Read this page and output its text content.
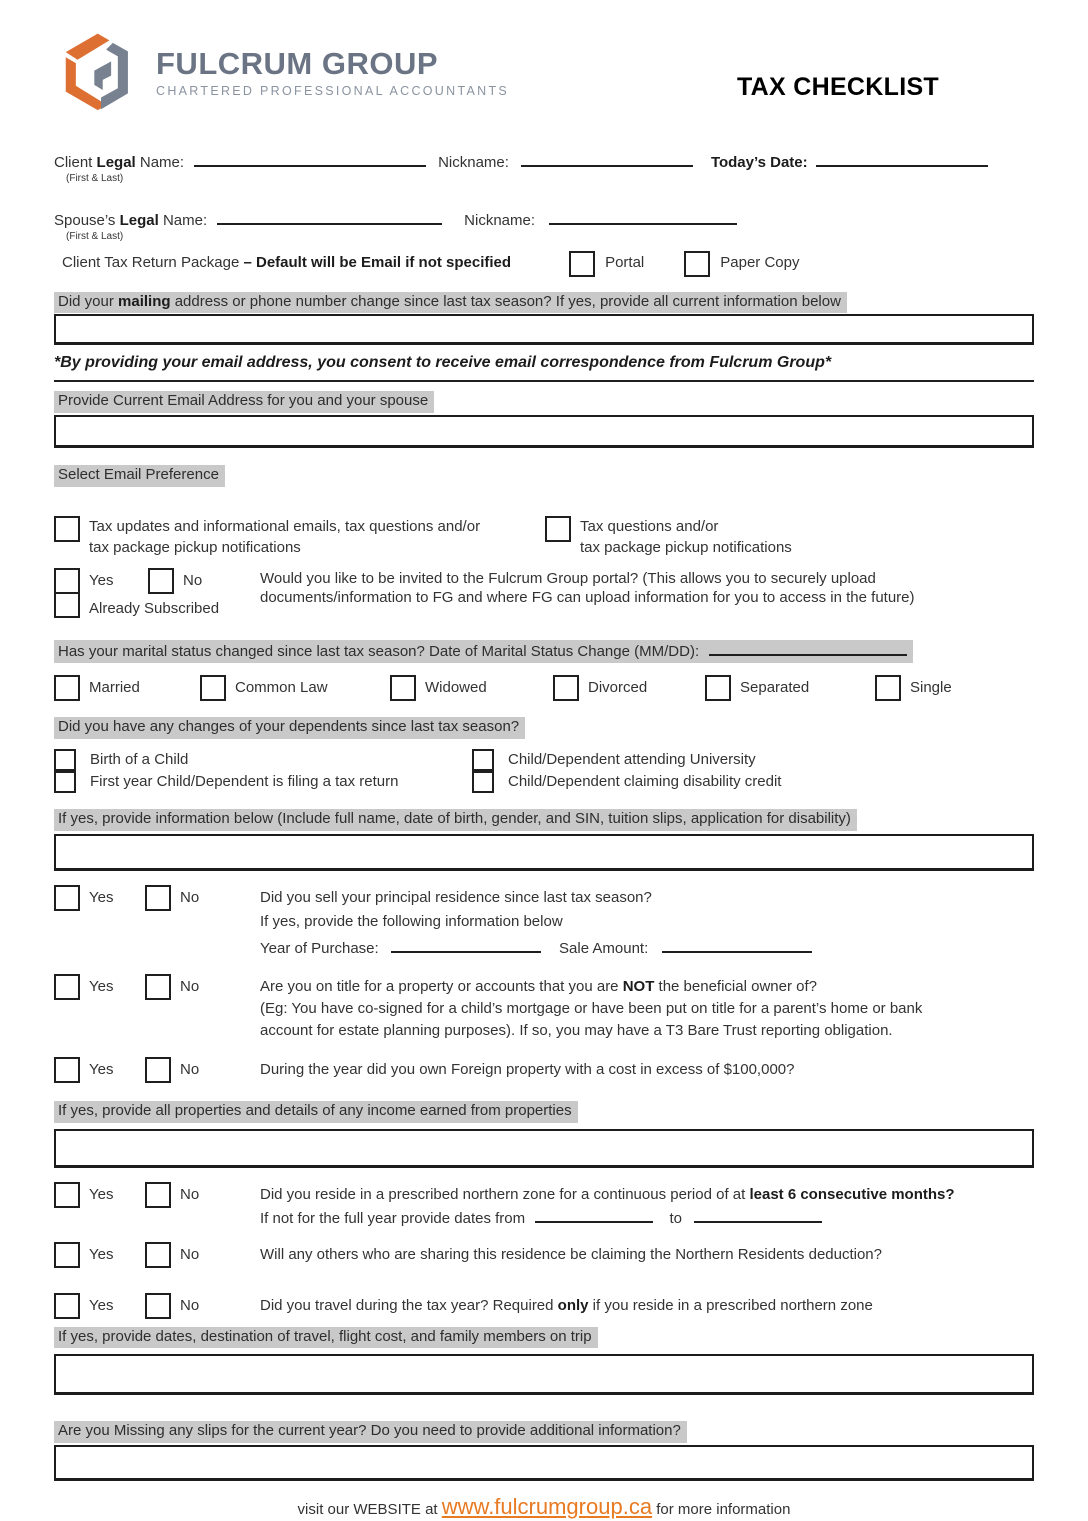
FULCRUM GROUP
CHARTERED PROFESSIONAL ACCOUNTANTS	TAX CHECKLIST
Client Legal Name:
(First & Last)
Nickname:	Today’s Date:
Spouse’s Legal Name:
(First & Last)
Nickname:
Client Tax Return Package – Default will be Email if not specified	Portal	Paper Copy
Did your mailing address or phone number change since last tax season? If yes, provide all current information below
*By providing your email address, you consent to receive email correspondence from Fulcrum Group*
Provide Current Email Address for you and your spouse
Select Email Preference
Tax updates and informational emails, tax questions and/or
tax package pickup notifications
Tax questions and/or
tax package pickup notifications
Yes	No	Would you like to be invited to the Fulcrum Group portal? (This allows you to securely upload
documents/information to FG and where FG can upload information for you to access in the future)
Already Subscribed
Has your marital status changed since last tax season? Date of Marital Status Change (MM/DD):
Married	Common Law	Widowed	Divorced	Separated	Single
Did you have any changes of your dependents since last tax season?
Birth of a Child	Child/Dependent attending University
First year Child/Dependent is filing a tax return	Child/Dependent claiming disability credit
If yes, provide information below (Include full name, date of birth, gender, and SIN, tuition slips, application for disability)
Yes	No	Did you sell your principal residence since last tax season?
If yes, provide the following information below
Year of Purchase:	Sale Amount:
Yes	No	Are you on title for a property or accounts that you are NOT the beneficial owner of?
(Eg: You have co-signed for a child’s mortgage or have been put on title for a parent’s home or bank
account for estate planning purposes). If so, you may have a T3 Bare Trust reporting obligation.
Yes	No	During the year did you own Foreign property with a cost in excess of $100,000?
If yes, provide all properties and details of any income earned from properties
Yes	No	Did you reside in a prescribed northern zone for a continuous period of at least 6 consecutive months?
If not for the full year provide dates from	to
Yes	No	Will any others who are sharing this residence be claiming the Northern Residents deduction?
Yes	No	Did you travel during the tax year? Required only if you reside in a prescribed northern zone
If yes, provide dates, destination of travel, flight cost, and family members on trip
Are you Missing any slips for the current year? Do you need to provide additional information?
visit our WEBSITE at www.fulcrumgroup.ca for more information
